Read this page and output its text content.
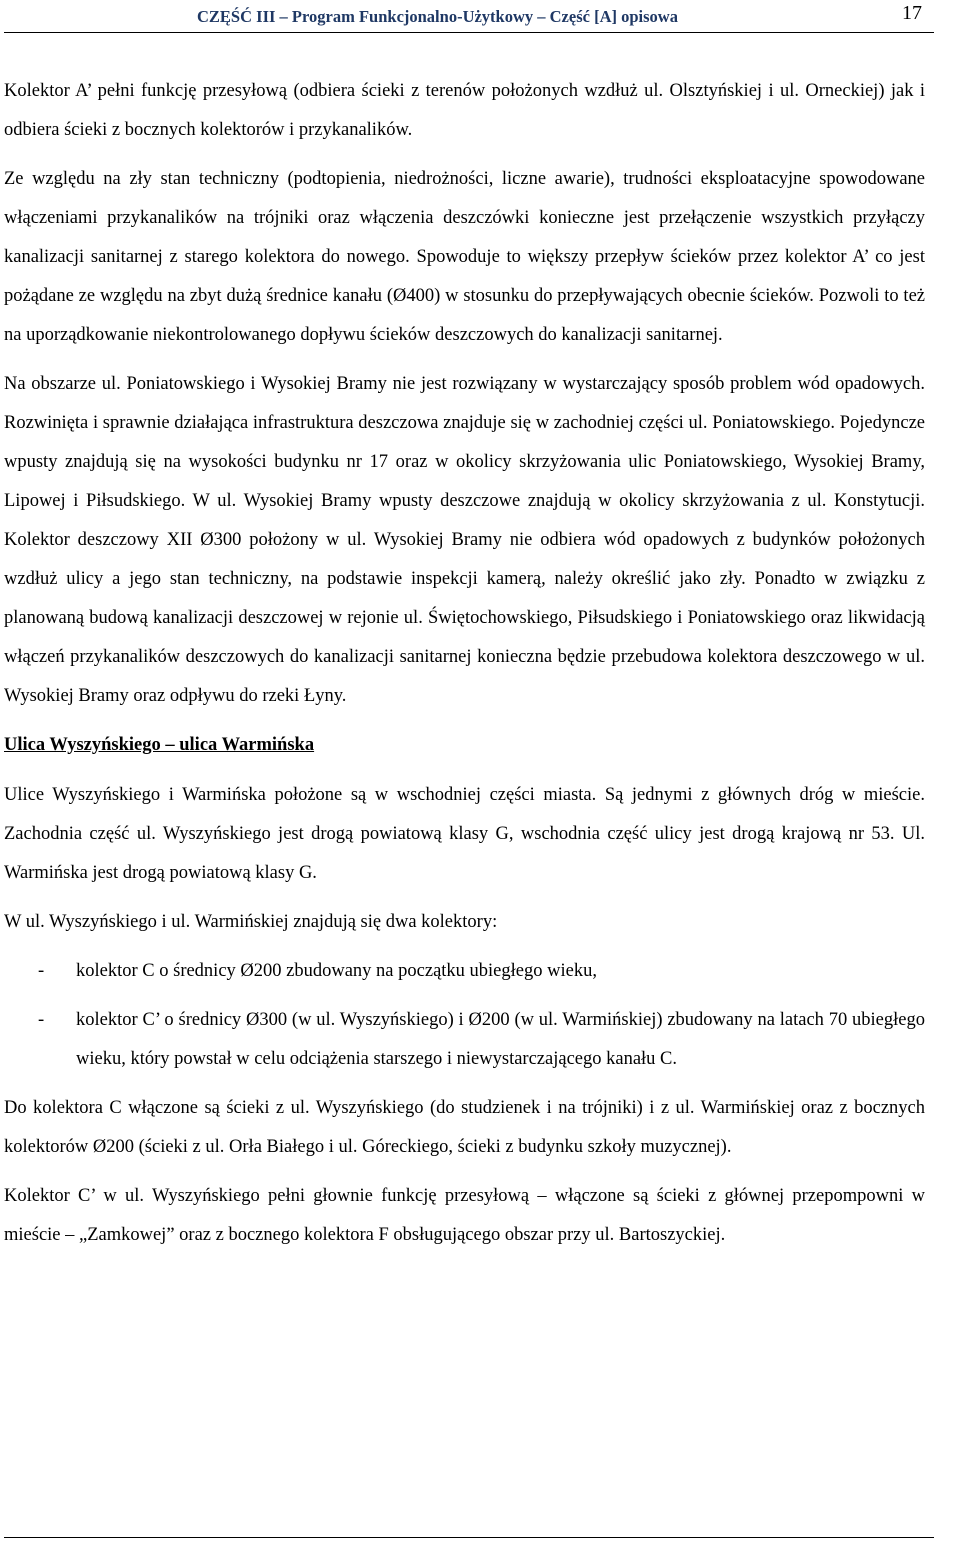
CZĘŚĆ III – Program Funkcjonalno-Użytkowy – Część [A] opisowa	17

Kolektor A’ pełni funkcję przesyłową (odbiera ścieki z terenów położonych wzdłuż ul. Olsztyńskiej i ul. Orneckiej) jak i odbiera ścieki z bocznych kolektorów i przykanalików.

Ze względu na zły stan techniczny (podtopienia, niedrożności, liczne awarie), trudności eksploatacyjne spowodowane włączeniami przykanalików na trójniki oraz włączenia deszczówki konieczne jest przełączenie wszystkich przyłączy kanalizacji sanitarnej z starego kolektora do nowego. Spowoduje to większy przepływ ścieków przez kolektor A’ co jest pożądane ze względu na zbyt dużą średnice kanału (Ø400) w stosunku do przepływających obecnie ścieków. Pozwoli to też na uporządkowanie niekontrolowanego dopływu ścieków deszczowych do kanalizacji sanitarnej.

Na obszarze ul. Poniatowskiego i Wysokiej Bramy nie jest rozwiązany w wystarczający sposób problem wód opadowych. Rozwinięta i sprawnie działająca infrastruktura deszczowa znajduje się w zachodniej części ul. Poniatowskiego. Pojedyncze wpusty znajdują się na wysokości budynku nr 17 oraz w okolicy skrzyżowania ulic Poniatowskiego, Wysokiej Bramy, Lipowej i Piłsudskiego. W ul. Wysokiej Bramy wpusty deszczowe znajdują w okolicy skrzyżowania z ul. Konstytucji. Kolektor deszczowy XII Ø300 położony w ul. Wysokiej Bramy nie odbiera wód opadowych z budynków położonych wzdłuż ulicy a jego stan techniczny, na podstawie inspekcji kamerą, należy określić jako zły. Ponadto w związku z planowaną budową kanalizacji deszczowej w rejonie ul. Świętochowskiego, Piłsudskiego i Poniatowskiego oraz likwidacją włączeń przykanalików deszczowych do kanalizacji sanitarnej konieczna będzie przebudowa kolektora deszczowego w ul. Wysokiej Bramy oraz odpływu do rzeki Łyny.

Ulica Wyszyńskiego – ulica Warmińska

Ulice Wyszyńskiego i Warmińska położone są w wschodniej części miasta. Są jednymi z głównych dróg w mieście. Zachodnia część ul. Wyszyńskiego jest drogą powiatową klasy G, wschodnia część ulicy jest drogą krajową nr 53. Ul. Warmińska jest drogą powiatową klasy G.

W ul. Wyszyńskiego i ul. Warmińskiej znajdują się dwa kolektory:

- kolektor C o średnicy Ø200 zbudowany na początku ubiegłego wieku,
- kolektor C’ o średnicy Ø300 (w ul. Wyszyńskiego) i Ø200 (w ul. Warmińskiej) zbudowany na latach 70 ubiegłego wieku, który powstał w celu odciążenia starszego i niewystarczającego kanału C.

Do kolektora C włączone są ścieki z ul. Wyszyńskiego (do studzienek i na trójniki) i z ul. Warmińskiej oraz z bocznych kolektorów Ø200 (ścieki z ul. Orła Białego i ul. Góreckiego, ścieki z budynku szkoły muzycznej).

Kolektor C’ w ul. Wyszyńskiego pełni głownie funkcję przesyłową – włączone są ścieki z głównej przepompowni w mieście – „Zamkowej” oraz z bocznego kolektora F obsługującego obszar przy ul. Bartoszyckiej.
